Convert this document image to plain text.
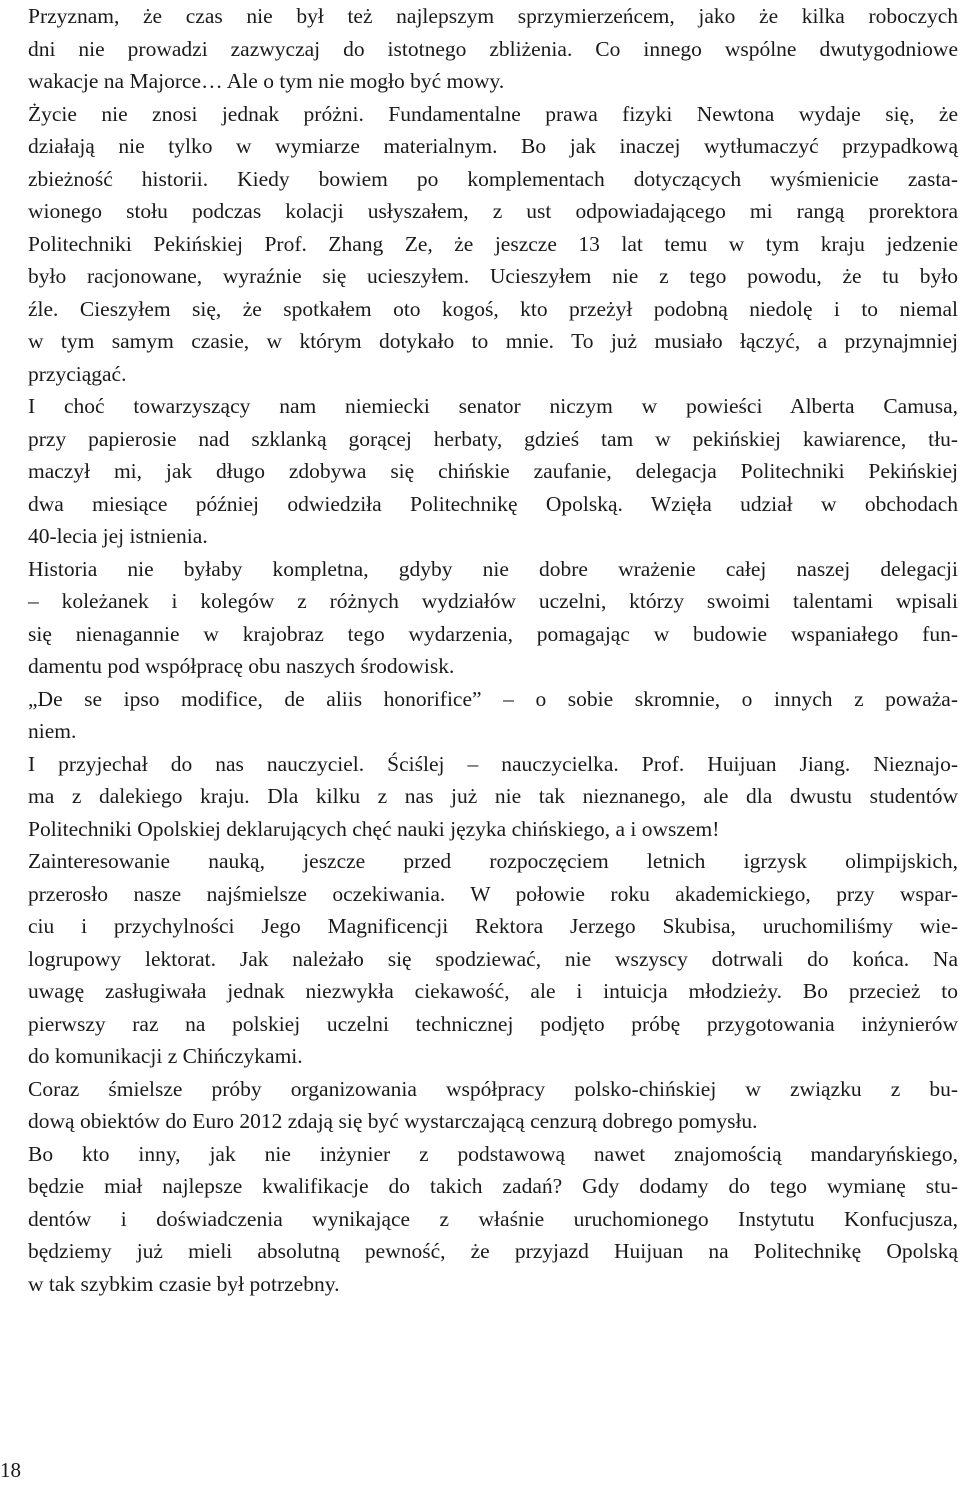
Przyznam, że czas nie był też najlepszym sprzymierzeńcem, jako że kilka roboczych
dni nie prowadzi zazwyczaj do istotnego zbliżenia. Co innego wspólne dwutygodniowe
wakacje na Majorce… Ale o tym nie mogło być mowy.

Życie nie znosi jednak próżni. Fundamentalne prawa fizyki Newtona wydaje się, że
działają nie tylko w wymiarze materialnym. Bo jak inaczej wytłumaczyć przypadkową
zbieżność historii. Kiedy bowiem po komplementach dotyczących wyśmienicie zasta-
wionego stołu podczas kolacji usłyszałem, z ust odpowiadającego mi rangą prorektora
Politechniki Pekińskiej Prof. Zhang Ze, że jeszcze 13 lat temu w tym kraju jedzenie
było racjonowane, wyraźnie się ucieszyłem. Ucieszyłem nie z tego powodu, że tu było
źle. Cieszyłem się, że spotkałem oto kogoś, kto przeżył podobną niedolę i to niemal
w tym samym czasie, w którym dotykało to mnie. To już musiało łączyć, a przynajmniej
przyciągać.

I choć towarzyszący nam niemiecki senator niczym w powieści Alberta Camusa,
przy papierosie nad szklanką gorącej herbaty, gdzieś tam w pekińskiej kawiarence, tłu-
maczył mi, jak długo zdobywa się chińskie zaufanie, delegacja Politechniki Pekińskiej
dwa miesiące później odwiedziła Politechnikę Opolską. Wzięła udział w obchodach
40-lecia jej istnienia.

Historia nie byłaby kompletna, gdyby nie dobre wrażenie całej naszej delegacji
– koleżanek i kolegów z różnych wydziałów uczelni, którzy swoimi talentami wpisali
się nienagannie w krajobraz tego wydarzenia, pomagając w budowie wspaniałego fun-
damentu pod współpracę obu naszych środowisk.

„De se ipso modifice, de aliis honorifice” – o sobie skromnie, o innych z poważa-
niem.

I przyjechał do nas nauczyciel. Ściślej – nauczycielka. Prof. Huijuan Jiang. Nieznajo-
ma z dalekiego kraju. Dla kilku z nas już nie tak nieznanego, ale dla dwustu studentów
Politechniki Opolskiej deklarujących chęć nauki języka chińskiego, a i owszem!

Zainteresowanie nauką, jeszcze przed rozpoczęciem letnich igrzysk olimpijskich,
przerosło nasze najśmielsze oczekiwania. W połowie roku akademickiego, przy wspar-
ciu i przychylności Jego Magnificencji Rektora Jerzego Skubisa, uruchomiliśmy wie-
logrupowy lektorat. Jak należało się spodziewać, nie wszyscy dotrwali do końca. Na
uwagę zasługiwała jednak niezwykła ciekawość, ale i intuicja młodzieży. Bo przecież to
pierwszy raz na polskiej uczelni technicznej podjęto próbę przygotowania inżynierów
do komunikacji z Chińczykami.

Coraz śmielsze próby organizowania współpracy polsko-chińskiej w związku z bu-
dową obiektów do Euro 2012 zdają się być wystarczającą cenzurą dobrego pomysłu.

Bo kto inny, jak nie inżynier z podstawową nawet znajomością mandaryńskiego,
będzie miał najlepsze kwalifikacje do takich zadań? Gdy dodamy do tego wymianę stu-
dentów i doświadczenia wynikające z właśnie uruchomionego Instytutu Konfucjusza,
będziemy już mieli absolutną pewność, że przyjazd Huijuan na Politechnikę Opolską
w tak szybkim czasie był potrzebny.

18
